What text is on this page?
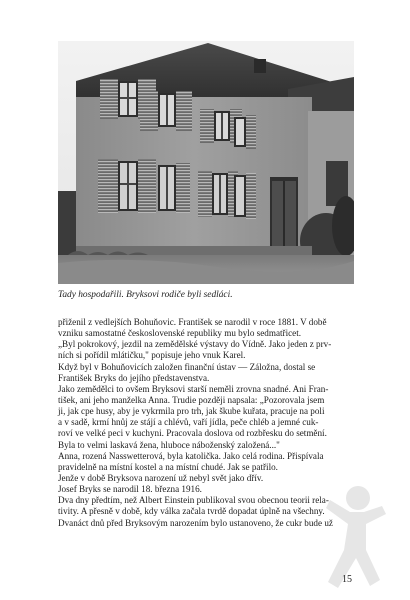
Tady hospodařili. Bryksovi rodiče byli sedláci.
přiženil z vedlejších Bohuňovic. František se narodil v roce 1881. V době
vzniku samostatné československé republiky mu bylo sedmatřicet.
„Byl pokrokový, jezdil na zemědělské výstavy do Vídně. Jako jeden z prv-
ních si pořídil mlátičku," popisuje jeho vnuk Karel.
Když byl v Bohuňovicích založen finanční ústav — Záložna, dostal se
František Bryks do jejího představenstva.
Jako zemědělci to ovšem Bryksovi starší neměli zrovna snadné. Ani Fran-
tišek, ani jeho manželka Anna. Trudie později napsala: „Pozorovala jsem
ji, jak cpe husy, aby je vykrmila pro trh, jak škube kuřata, pracuje na poli
a v sadě, krmí hnůj ze stájí a chlévů, vaří jídla, peče chléb a jemné cuk-
roví ve velké peci v kuchyni. Pracovala doslova od rozbřesku do setmění.
Byla to velmi laskavá žena, hluboce náboženský založená..."
Anna, rozená Nasswetterová, byla katolička. Jako celá rodina. Přispívala
pravidelně na místní kostel a na místní chudé. Jak se patřilo.
Jenže v době Bryksova narození už nebyl svět jako dřív.
Josef Bryks se narodil 18. března 1916.
Dva dny předtím, než Albert Einstein publikoval svou obecnou teorii rela-
tivity. A přesně v době, kdy válka začala tvrdě dopadat úplně na všechny.
Dvanáct dnů před Bryksovým narozením bylo ustanoveno, že cukr bude už
15
